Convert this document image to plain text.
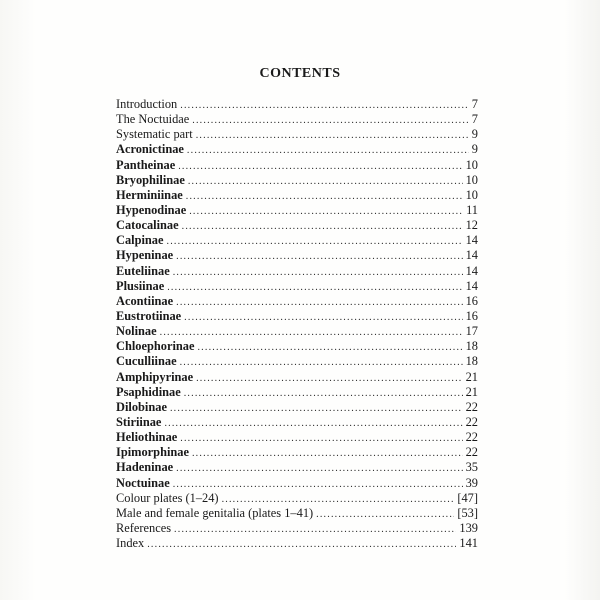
CONTENTS
Introduction .....	7
The Noctuidae .....	7
Systematic part .....	9
Acronictinae .....	9
Pantheinae .....	10
Bryophilinae .....	10
Herminiinae .....	10
Hypenodinae .....	11
Catocalinae .....	12
Calpinae .....	14
Hypeninae .....	14
Euteliinae .....	14
Plusiinae .....	14
Acontiinae .....	16
Eustrotiinae .....	16
Nolinae .....	17
Chloephorinae .....	18
Cuculliinae .....	18
Amphipyrinae .....	21
Psaphidinae .....	21
Dilobinae .....	22
Stiriinae .....	22
Heliothinae .....	22
Ipimorphinae .....	22
Hadeninae .....	35
Noctuinae .....	39
Colour plates (1–24) .....	[47]
Male and female genitalia (plates 1–41) .....	[53]
References .....	139
Index .....	141
